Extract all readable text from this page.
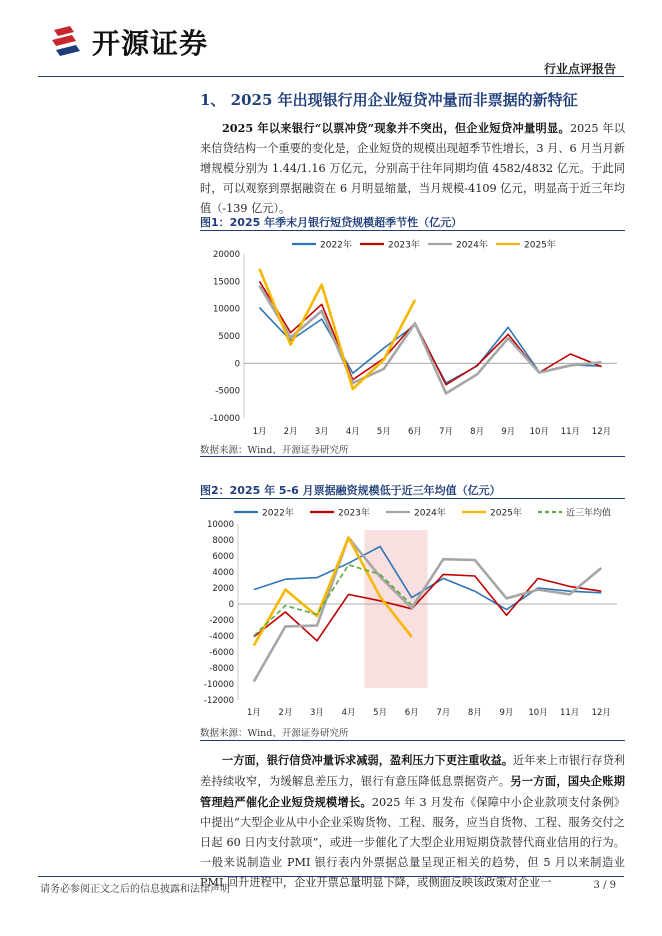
开源证券
行业点评报告
1、 2025 年出现银行用企业短贷冲量而非票据的新特征
2025 年以来银行“以票冲贷”现象并不突出，但企业短贷冲量明显。2025 年以来信贷结构一个重要的变化是，企业短贷的规模出现超季节性增长，3 月、6 月当月新增规模分别为 1.44/1.16 万亿元，分别高于往年同期均值 4582/4832 亿元。于此同时，可以观察到票据融资在 6 月明显缩量，当月规模-4109 亿元，明显高于近三年均值（-139 亿元）。
图1：2025 年季末月银行短贷规模超季节性（亿元）
-10000
-5000
0
5000
10000
15000
20000
1月 2月 3月 4月 5月 6月 7月 8月 9月 10月 11月 12月
2022年	2023年	2024年	2025年
数据来源：Wind、开源证券研究所
图2：2025 年 5-6 月票据融资规模低于近三年均值（亿元）
-12000
-10000
-8000
-6000
-4000
-2000
0
2000
4000
6000
8000
10000
1月 2月 3月 4月 5月 6月 7月 8月 9月 10月 11月 12月
2022年	2023年	2024年	2025年	近三年均值
数据来源：Wind、开源证券研究所
一方面，银行信贷冲量诉求减弱，盈利压力下更注重收益。近年来上市银行存贷利差持续收窄，为缓解息差压力，银行有意压降低息票据资产。另一方面，国央企账期管理趋严催化企业短贷规模增长。2025 年 3 月发布《保障中小企业款项支付条例》中提出“大型企业从中小企业采购货物、工程、服务，应当自货物、工程、服务交付之日起 60 日内支付款项”，或进一步催化了大型企业用短期贷款替代商业信用的行为。一般来说制造业 PMI 银行表内外票据总量呈现正相关的趋势，但 5 月以来制造业 PMI 回升进程中，企业开票总量明显下降，或侧面反映该政策对企业一
请务必参阅正文之后的信息披露和法律声明	3 / 9
